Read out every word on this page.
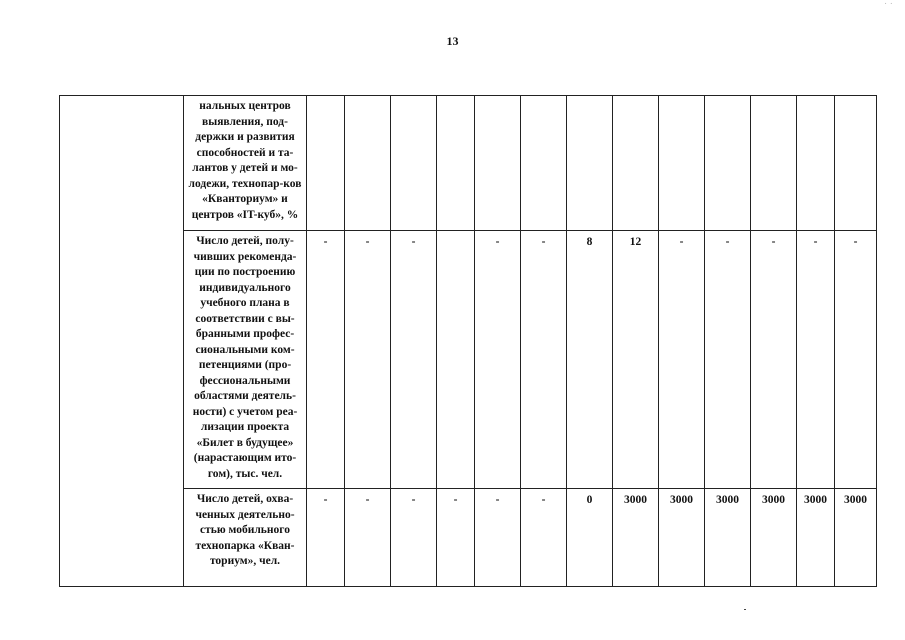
13
˙ ˙
	нальных центров выявления, под-держки и развития способностей и та-лантов у детей и мо-лодежи, технопар-ков «Кванториум» и центров «IT-куб», %													
	Число детей, полу-чивших рекоменда-ции по построению индивидуального учебного плана в соответствии с вы-бранными профес-сиональными ком-петенциями (про-фессиональными областями деятель-ности) с учетом реа-лизации проекта «Билет в будущее» (нарастающим ито-гом), тыс. чел.	-	-	-		-	-	8	12	-	-	-	-	-
	Число детей, охва-ченных деятельно-стью мобильного технопарка «Кван-ториум», чел.	-	-	-	-	-	-	0	3000	3000	3000	3000	3000	3000
